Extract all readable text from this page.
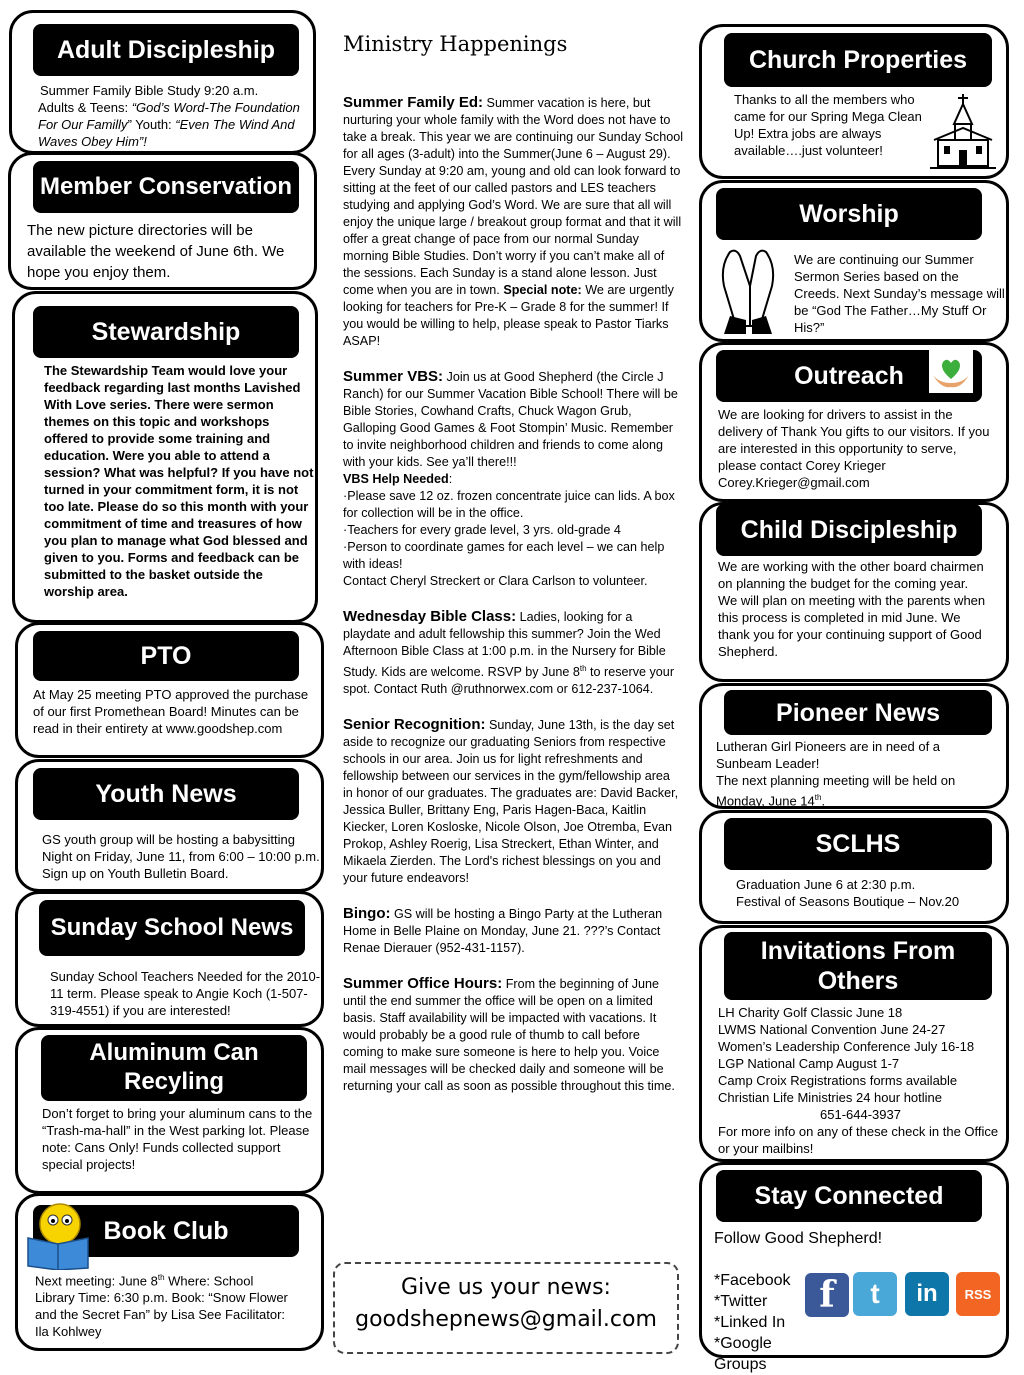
Adult Discipleship
Summer Family Bible Study 9:20 a.m.
Adults & Teens: “God’s Word-The Foundation For Our Familly” Youth: “Even The Wind And Waves Obey Him”!
Member Conservation
The new picture directories will be available the weekend of June 6th. We hope you enjoy them.
Stewardship
The Stewardship Team would love your feedback regarding last months Lavished With Love series. There were sermon themes on this topic and workshops offered to provide some training and education. Were you able to attend a session? What was helpful? If you have not turned in your commitment form, it is not too late. Please do so this month with your commitment of time and treasures of how you plan to manage what God blessed and given to you. Forms and feedback can be submitted to the basket outside the worship area.
PTO
At May 25 meeting PTO approved the purchase of our first Promethean Board! Minutes can be read in their entirety at www.goodshep.com
Youth News
GS youth group will be hosting a babysitting Night on Friday, June 11, from 6:00 – 10:00 p.m. Sign up on Youth Bulletin Board.
Sunday School News
Sunday School Teachers Needed for the 2010-11 term. Please speak to Angie Koch (1-507-319-4551) if you are interested!
Aluminum Can Recyling
Don’t forget to bring your aluminum cans to the “Trash-ma-hall” in the West parking lot. Please note: Cans Only! Funds collected support special projects!
Book Club
Next meeting: June 8th Where: School Library Time: 6:30 p.m. Book: “Snow Flower and the Secret Fan” by Lisa See Facilitator: Ila Kohlwey
Ministry Happenings

Summer Family Ed: Summer vacation is here, but nurturing your whole family with the Word does not have to take a break. This year we are continuing our Sunday School for all ages (3-adult) into the Summer(June 6 – August 29). Every Sunday at 9:20 am, young and old can look forward to sitting at the feet of our called pastors and LES teachers studying and applying God’s Word. We are sure that all will enjoy the unique large / breakout group format and that it will offer a great change of pace from our normal Sunday morning Bible Studies. Don’t worry if you can’t make all of the sessions. Each Sunday is a stand alone lesson. Just come when you are in town. Special note: We are urgently looking for teachers for Pre-K – Grade 8 for the summer! If you would be willing to help, please speak to Pastor Tiarks ASAP!

Summer VBS: Join us at Good Shepherd (the Circle J Ranch) for our Summer Vacation Bible School! There will be Bible Stories, Cowhand Crafts, Chuck Wagon Grub, Galloping Good Games & Foot Stompin’ Music. Remember to invite neighborhood children and friends to come along with your kids. See ya’ll there!!!

VBS Help Needed:
·Please save 12 oz. frozen concentrate juice can lids. A box for collection will be in the office.
·Teachers for every grade level, 3 yrs. old-grade 4
·Person to coordinate games for each level – we can help with ideas!
Contact Cheryl Streckert or Clara Carlson to volunteer.

Wednesday Bible Class: Ladies, looking for a playdate and adult fellowship this summer? Join the Wed Afternoon Bible Class at 1:00 p.m. in the Nursery for Bible Study. Kids are welcome. RSVP by June 8th to reserve your spot. Contact Ruth @ruthnorwex.com or 612-237-1064.

Senior Recognition: Sunday, June 13th, is the day set aside to recognize our graduating Seniors from respective schools in our area. Join us for light refreshments and fellowship between our services in the gym/fellowship area in honor of our graduates. The graduates are: David Backer, Jessica Buller, Brittany Eng, Paris Hagen-Baca, Kaitlin Kiecker, Loren Kosloske, Nicole Olson, Joe Otremba, Evan Prokop, Ashley Roerig, Lisa Streckert, Ethan Winter, and Mikaela Zierden. The Lord's richest blessings on you and your future endeavors!

Bingo: GS will be hosting a Bingo Party at the Lutheran Home in Belle Plaine on Monday, June 21. ???’s Contact Renae Dierauer (952-431-1157).

Summer Office Hours: From the beginning of June until the end summer the office will be open on a limited basis. Staff availability will be impacted with vacations. It would probably be a good rule of thumb to call before coming to make sure someone is here to help you. Voice mail messages will be checked daily and someone will be returning your call as soon as possible throughout this time.

Give us your news:
goodshepnews@gmail.com
Church Properties
Thanks to all the members who came for our Spring Mega Clean Up! Extra jobs are always available….just volunteer!
Worship
We are continuing our Summer Sermon Series based on the Creeds. Next Sunday’s message will be “God The Father…My Stuff Or His?”
Outreach
We are looking for drivers to assist in the delivery of Thank You gifts to our visitors. If you are interested in this opportunity to serve, please contact Corey Krieger Corey.Krieger@gmail.com
Child Discipleship
We are working with the other board chairmen on planning the budget for the coming year. We will plan on meeting with the parents when this process is completed in mid June. We thank you for your continuing support of Good Shepherd.
Pioneer News
Lutheran Girl Pioneers are in need of a Sunbeam Leader!
The next planning meeting will be held on Monday, June 14th.
SCLHS
Graduation June 6 at 2:30 p.m.
Festival of Seasons Boutique – Nov.20
Invitations From Others
LH Charity Golf Classic June 18
LWMS National Convention June 24-27
Women’s Leadership Conference July 16-18
LGP National Camp August 1-7
Camp Croix Registrations forms available
Christian Life Ministries 24 hour hotline
651-644-3937
For more info on any of these check in the Office or your mailbins!
Stay Connected
Follow Good Shepherd!
*Facebook
*Twitter
*Linked In
*Google Groups
f	t	in	RSS
